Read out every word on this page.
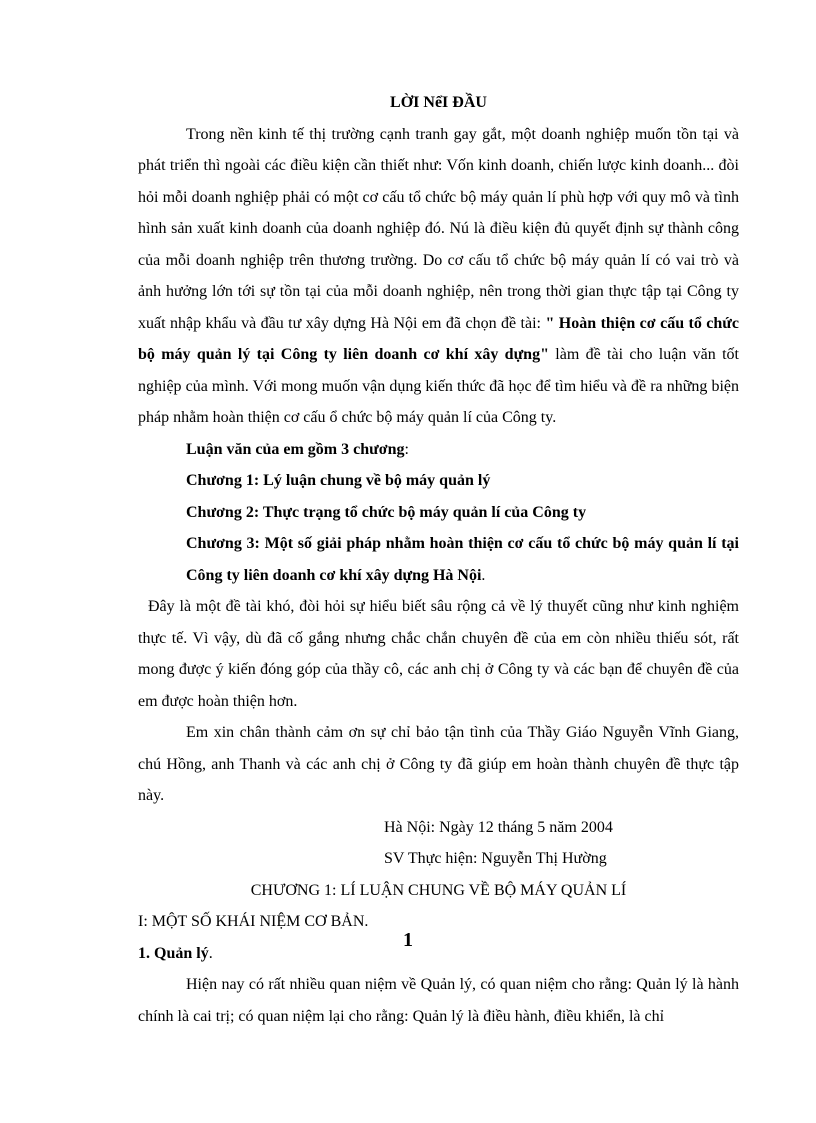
LỜI NểI ĐẦU

Trong nền kinh tế thị trường cạnh tranh gay gắt, một doanh nghiệp muốn tồn tại và phát triển thì ngoài các điều kiện cần thiết như: Vốn kinh doanh, chiến lược kinh doanh... đòi hỏi mỗi doanh nghiệp phải có một cơ cấu tổ chức bộ máy quản lí phù hợp với quy mô và tình hình sản xuất kinh doanh của doanh nghiệp đó. Nú là điều kiện đủ quyết định sự thành công của mỗi doanh nghiệp trên thương trường. Do cơ cấu tổ chức bộ máy quản lí có vai trò và ảnh hưởng lớn tới sự tồn tại của mỗi doanh nghiệp, nên trong thời gian thực tập tại Công ty xuất nhập khẩu và đầu tư xây dựng Hà Nội em đã chọn đề tài: " Hoàn thiện cơ cấu tổ chức bộ máy quản lý tại Công ty liên doanh cơ khí xây dựng" làm đề tài cho luận văn tốt nghiệp của mình. Với mong muốn vận dụng kiến thức đã học để tìm hiểu và đề ra những biện pháp nhằm hoàn thiện cơ cấu ổ chức bộ máy quản lí của Công ty.

Luận văn của em gồm 3 chương:

Chương 1: Lý luận chung về bộ máy quản lý

Chương 2: Thực trạng tổ chức bộ máy quản lí của Công ty

Chương 3: Một số giải pháp nhằm hoàn thiện cơ cấu tổ chức bộ máy quản lí tại Công ty liên doanh cơ khí xây dựng Hà Nội.

Đây là một đề tài khó, đòi hỏi sự hiểu biết sâu rộng cả về lý thuyết cũng như kinh nghiệm thực tế. Vì vậy, dù đã cố gắng nhưng chắc chắn chuyên đề của em còn nhiều thiếu sót, rất mong được ý kiến đóng góp của thầy cô, các anh chị ở Công ty và các bạn để chuyên đề của em được hoàn thiện hơn.

Em xin chân thành cảm ơn sự chỉ bảo tận tình của Thầy Giáo Nguyễn Vĩnh Giang, chú Hồng, anh Thanh và các anh chị ở Công ty đã giúp em hoàn thành chuyên đề thực tập này.

Hà Nội: Ngày 12 tháng 5 năm 2004

SV Thực hiện: Nguyễn Thị Hường

CHƯƠNG 1: LÍ LUẬN CHUNG VỀ BỘ MÁY QUẢN LÍ

I: MỘT SỐ KHÁI NIỆM CƠ BẢN.

1. Quản lý.

Hiện nay có rất nhiều quan niệm về Quản lý, có quan niệm cho rằng: Quản lý là hành chính là cai trị; có quan niệm lại cho rằng: Quản lý là điều hành, điều khiển, là chỉ

1
